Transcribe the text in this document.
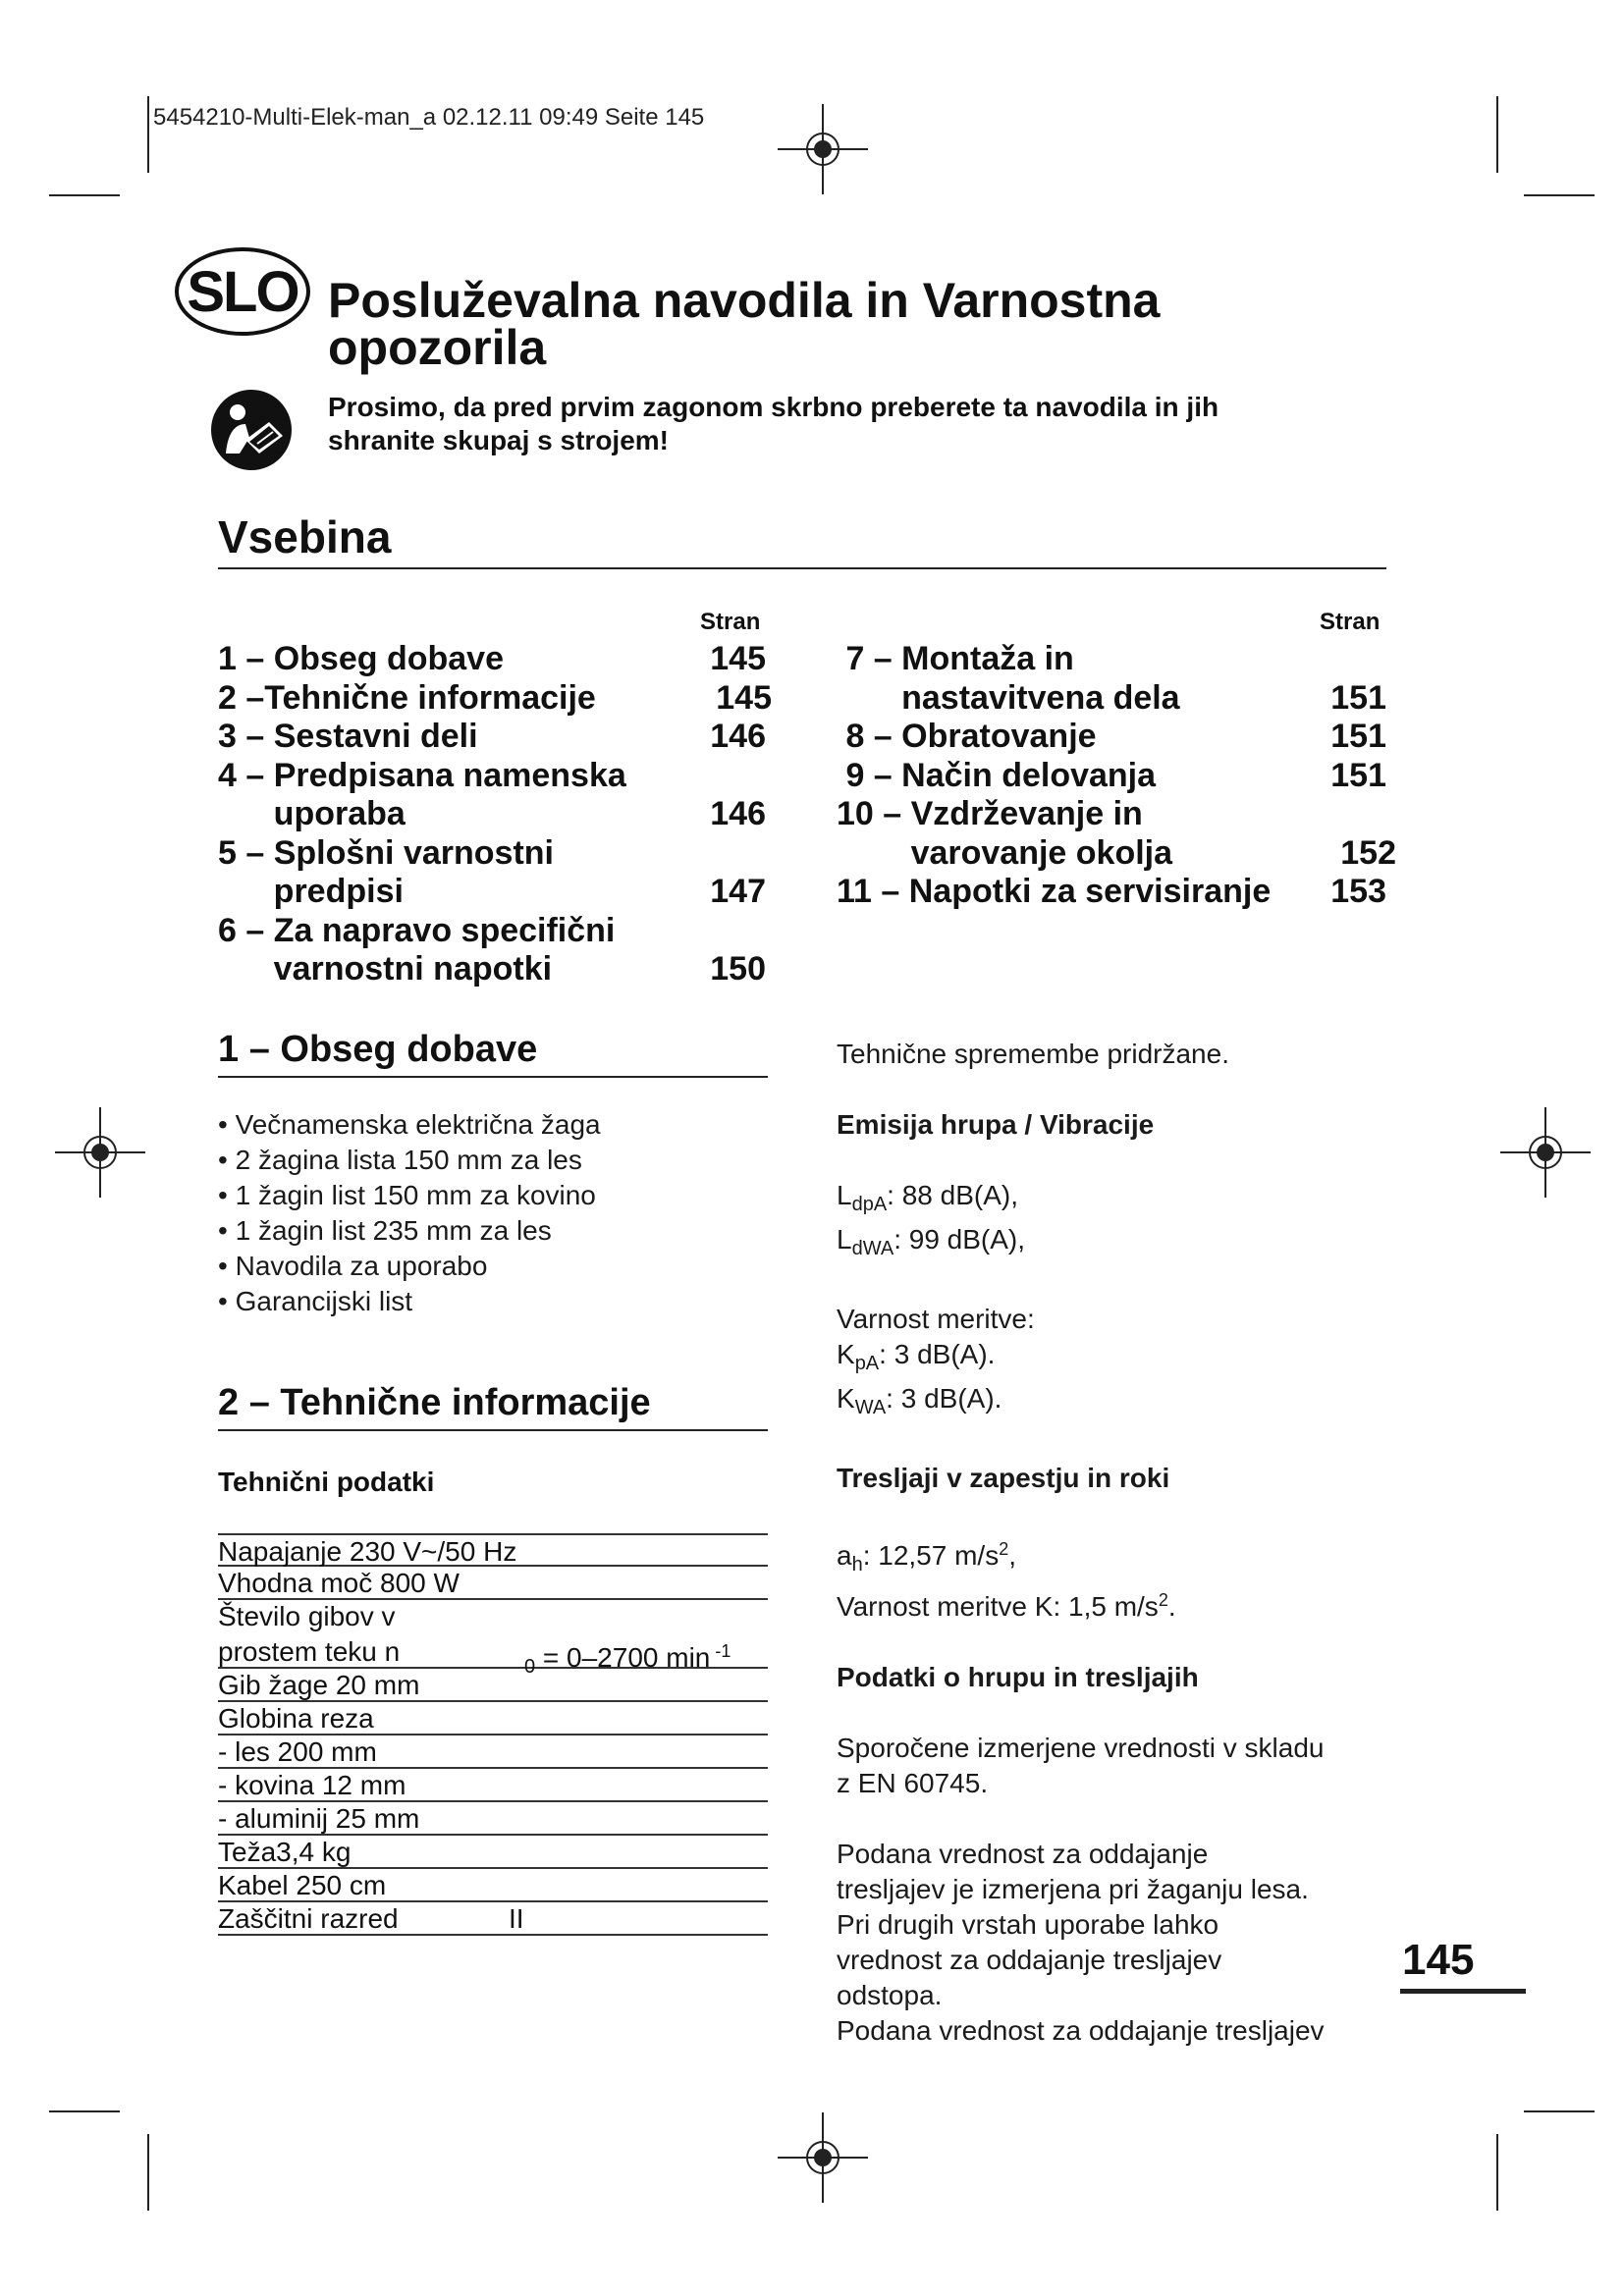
5454210-Multi-Elek-man_a 02.12.11 09:49 Seite 145
SLO Posluževalna navodila in Varnostna opozorila
Prosimo, da pred prvim zagonom skrbno preberete ta navodila in jih shranite skupaj s strojem!
Vsebina
Stran	Stran
1 – Obseg dobave	145
2 –Tehnične informacije	145
3 – Sestavni deli	146
4 – Predpisana namenska
uporaba	146
5 – Splošni varnostni
predpisi	147
6 – Za napravo specifični
varnostni napotki	150
7 – Montaža in
nastavitvena dela	151
8 – Obratovanje	151
9 – Način delovanja	151
10 – Vzdrževanje in
varovanje okolja	152
11 – Napotki za servisiranje 153
1 – Obseg dobave
• Večnamenska električna žaga
• 2 žagina lista 150 mm za les
• 1 žagin list 150 mm za kovino
• 1 žagin list 235 mm za les
• Navodila za uporabo
• Garancijski list
2 – Tehnične informacije
Tehnični podatki
Napajanje 230 V~/50 Hz
Vhodna moč 800 W
Število gibov v
prostem teku n	$_0$ = 0–2700 min $^{-1}$
Gib žage 20 mm
Globina reza
- les 200 mm
- kovina 12 mm
- aluminij 25 mm
Teža3,4 kg
Kabel 250 cm
Zaščitni razred	II
Tehnične spremembe pridržane.
Emisija hrupa / Vibracije
$L_{dpA}$: 88 dB(A),
$L_{dWA}$: 99 dB(A),
Varnost meritve:
$K_{pA}$: 3 dB(A).
$K_{WA}$: 3 dB(A).
Tresljaji v zapestju in roki
$a_h$: 12,57 $m/s^2$,
Varnost meritve K: 1,5 $m/s^2$.
Podatki o hrupu in tresljajih
Sporočene izmerjene vrednosti v skladu
z EN 60745.
Podana vrednost za oddajanje
tresljajev je izmerjena pri žaganju lesa.
Pri drugih vrstah uporabe lahko
vrednost za oddajanje tresljajev
odstopa.
Podana vrednost za oddajanje tresljajev
145
